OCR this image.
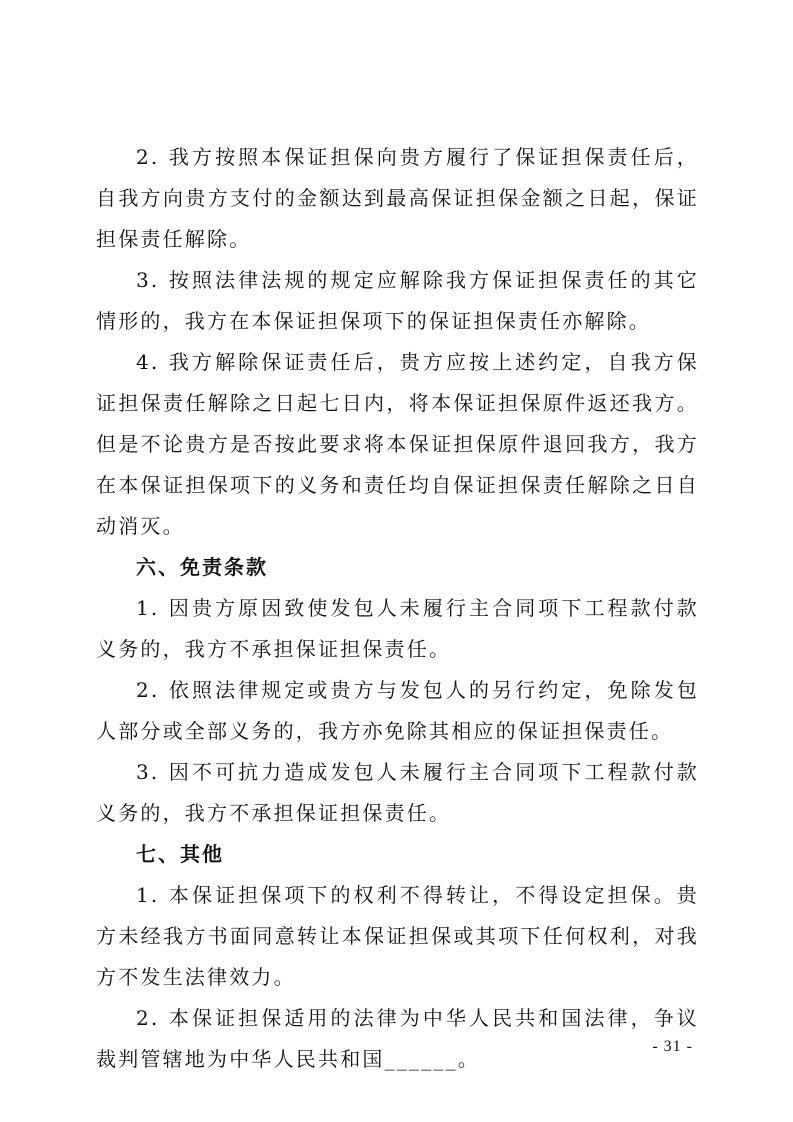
2. 我方按照本保证担保向贵方履行了保证担保责任后，自我方向贵方支付的金额达到最高保证担保金额之日起，保证担保责任解除。

3. 按照法律法规的规定应解除我方保证担保责任的其它情形的，我方在本保证担保项下的保证担保责任亦解除。

4. 我方解除保证责任后，贵方应按上述约定，自我方保证担保责任解除之日起七日内，将本保证担保原件返还我方。但是不论贵方是否按此要求将本保证担保原件退回我方，我方在本保证担保项下的义务和责任均自保证担保责任解除之日自动消灭。

六、免责条款

1. 因贵方原因致使发包人未履行主合同项下工程款付款义务的，我方不承担保证担保责任。

2. 依照法律规定或贵方与发包人的另行约定，免除发包人部分或全部义务的，我方亦免除其相应的保证担保责任。

3. 因不可抗力造成发包人未履行主合同项下工程款付款义务的，我方不承担保证担保责任。

七、其他

1. 本保证担保项下的权利不得转让，不得设定担保。贵方未经我方书面同意转让本保证担保或其项下任何权利，对我方不发生法律效力。

2. 本保证担保适用的法律为中华人民共和国法律，争议裁判管辖地为中华人民共和国______。

- 31 -
